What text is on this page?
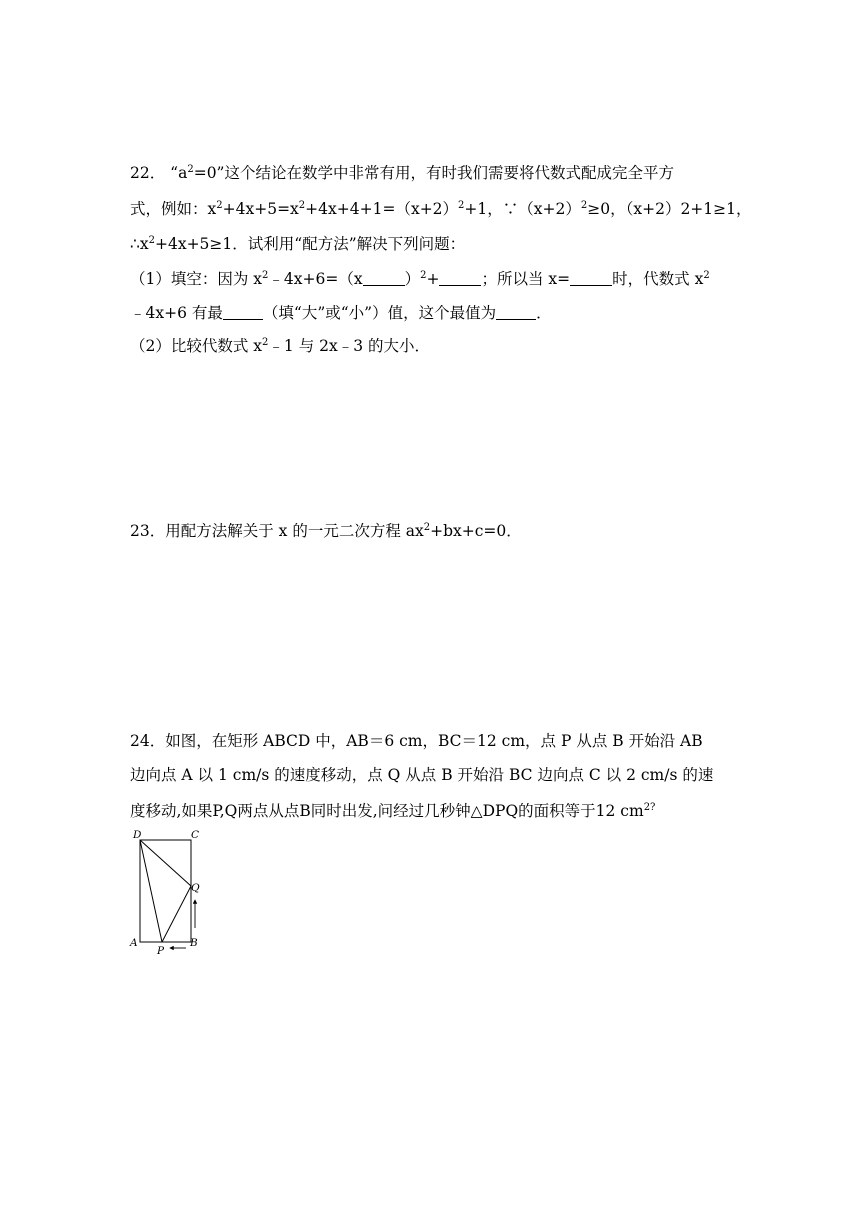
22． “$a^2=0$”这个结论在数学中非常有用，有时我们需要将代数式配成完全平方
式，例如：$x^2+4x+5=x^2+4x+4+1=(x+2)^2+1$，$\because(x+2)^2\ge 0$，（x+2）2+1≥1，
$\therefore x^2+4x+5\ge 1$．试利用“配方法”解决下列问题：
（1）填空：因为 $x^2﹣4x+6=(x$	）$^2$+	；所以当 x=	时，代数式 $x^2$
﹣4x+6 有最	（填“大”或“小”）值，这个最值为	．
（2）比较代数式 $x^2﹣1$ 与 2x﹣3 的大小．
23．用配方法解关于 x 的一元二次方程 $ax^2+bx+c=0$．
24．如图，在矩形 ABCD 中，AB＝6 cm，BC＝12 cm，点 P 从点 B 开始沿 AB
边向点 A 以 1 cm/s 的速度移动，点 Q 从点 B 开始沿 BC 边向点 C 以 2 cm/s 的速
度移动,如果P,Q两点从点B同时出发,问经过几秒钟△DPQ的面积等于12 $cm^{2?}$
D	C
Q
A
P
B
